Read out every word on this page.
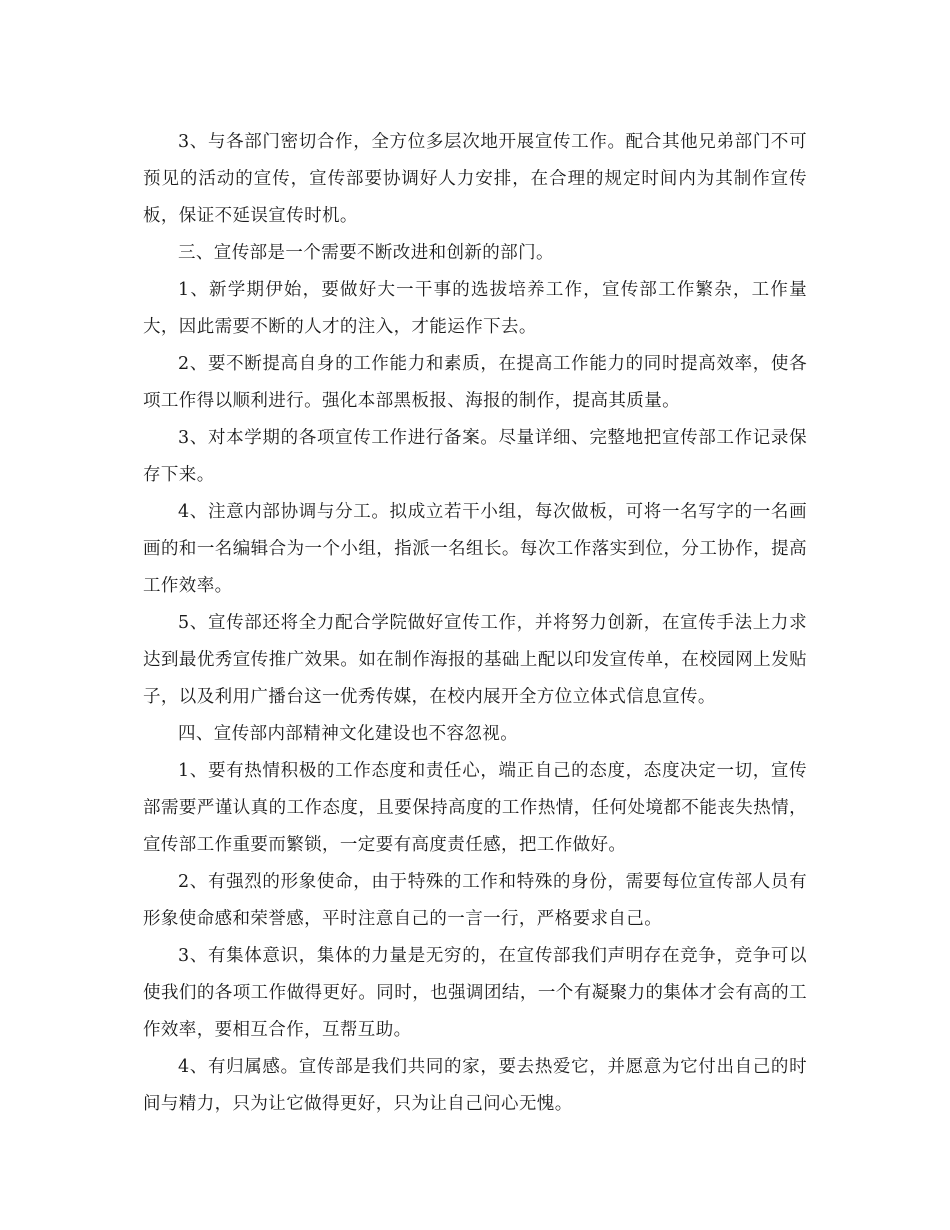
3、与各部门密切合作，全方位多层次地开展宣传工作。配合其他兄弟部门不可预见的活动的宣传，宣传部要协调好人力安排，在合理的规定时间内为其制作宣传板，保证不延误宣传时机。

三、宣传部是一个需要不断改进和创新的部门。

1、新学期伊始，要做好大一干事的选拔培养工作，宣传部工作繁杂，工作量大，因此需要不断的人才的注入，才能运作下去。

2、要不断提高自身的工作能力和素质，在提高工作能力的同时提高效率，使各项工作得以顺利进行。强化本部黑板报、海报的制作，提高其质量。

3、对本学期的各项宣传工作进行备案。尽量详细、完整地把宣传部工作记录保存下来。

4、注意内部协调与分工。拟成立若干小组，每次做板，可将一名写字的一名画画的和一名编辑合为一个小组，指派一名组长。每次工作落实到位，分工协作，提高工作效率。

5、宣传部还将全力配合学院做好宣传工作，并将努力创新，在宣传手法上力求达到最优秀宣传推广效果。如在制作海报的基础上配以印发宣传单，在校园网上发贴子，以及利用广播台这一优秀传媒，在校内展开全方位立体式信息宣传。

四、宣传部内部精神文化建设也不容忽视。

1、要有热情积极的工作态度和责任心，端正自己的态度，态度决定一切，宣传部需要严谨认真的工作态度，且要保持高度的工作热情，任何处境都不能丧失热情，宣传部工作重要而繁锁，一定要有高度责任感，把工作做好。

2、有强烈的形象使命，由于特殊的工作和特殊的身份，需要每位宣传部人员有形象使命感和荣誉感，平时注意自己的一言一行，严格要求自己。

3、有集体意识，集体的力量是无穷的，在宣传部我们声明存在竞争，竞争可以使我们的各项工作做得更好。同时，也强调团结，一个有凝聚力的集体才会有高的工作效率，要相互合作，互帮互助。

4、有归属感。宣传部是我们共同的家，要去热爱它，并愿意为它付出自己的时间与精力，只为让它做得更好，只为让自己问心无愧。
